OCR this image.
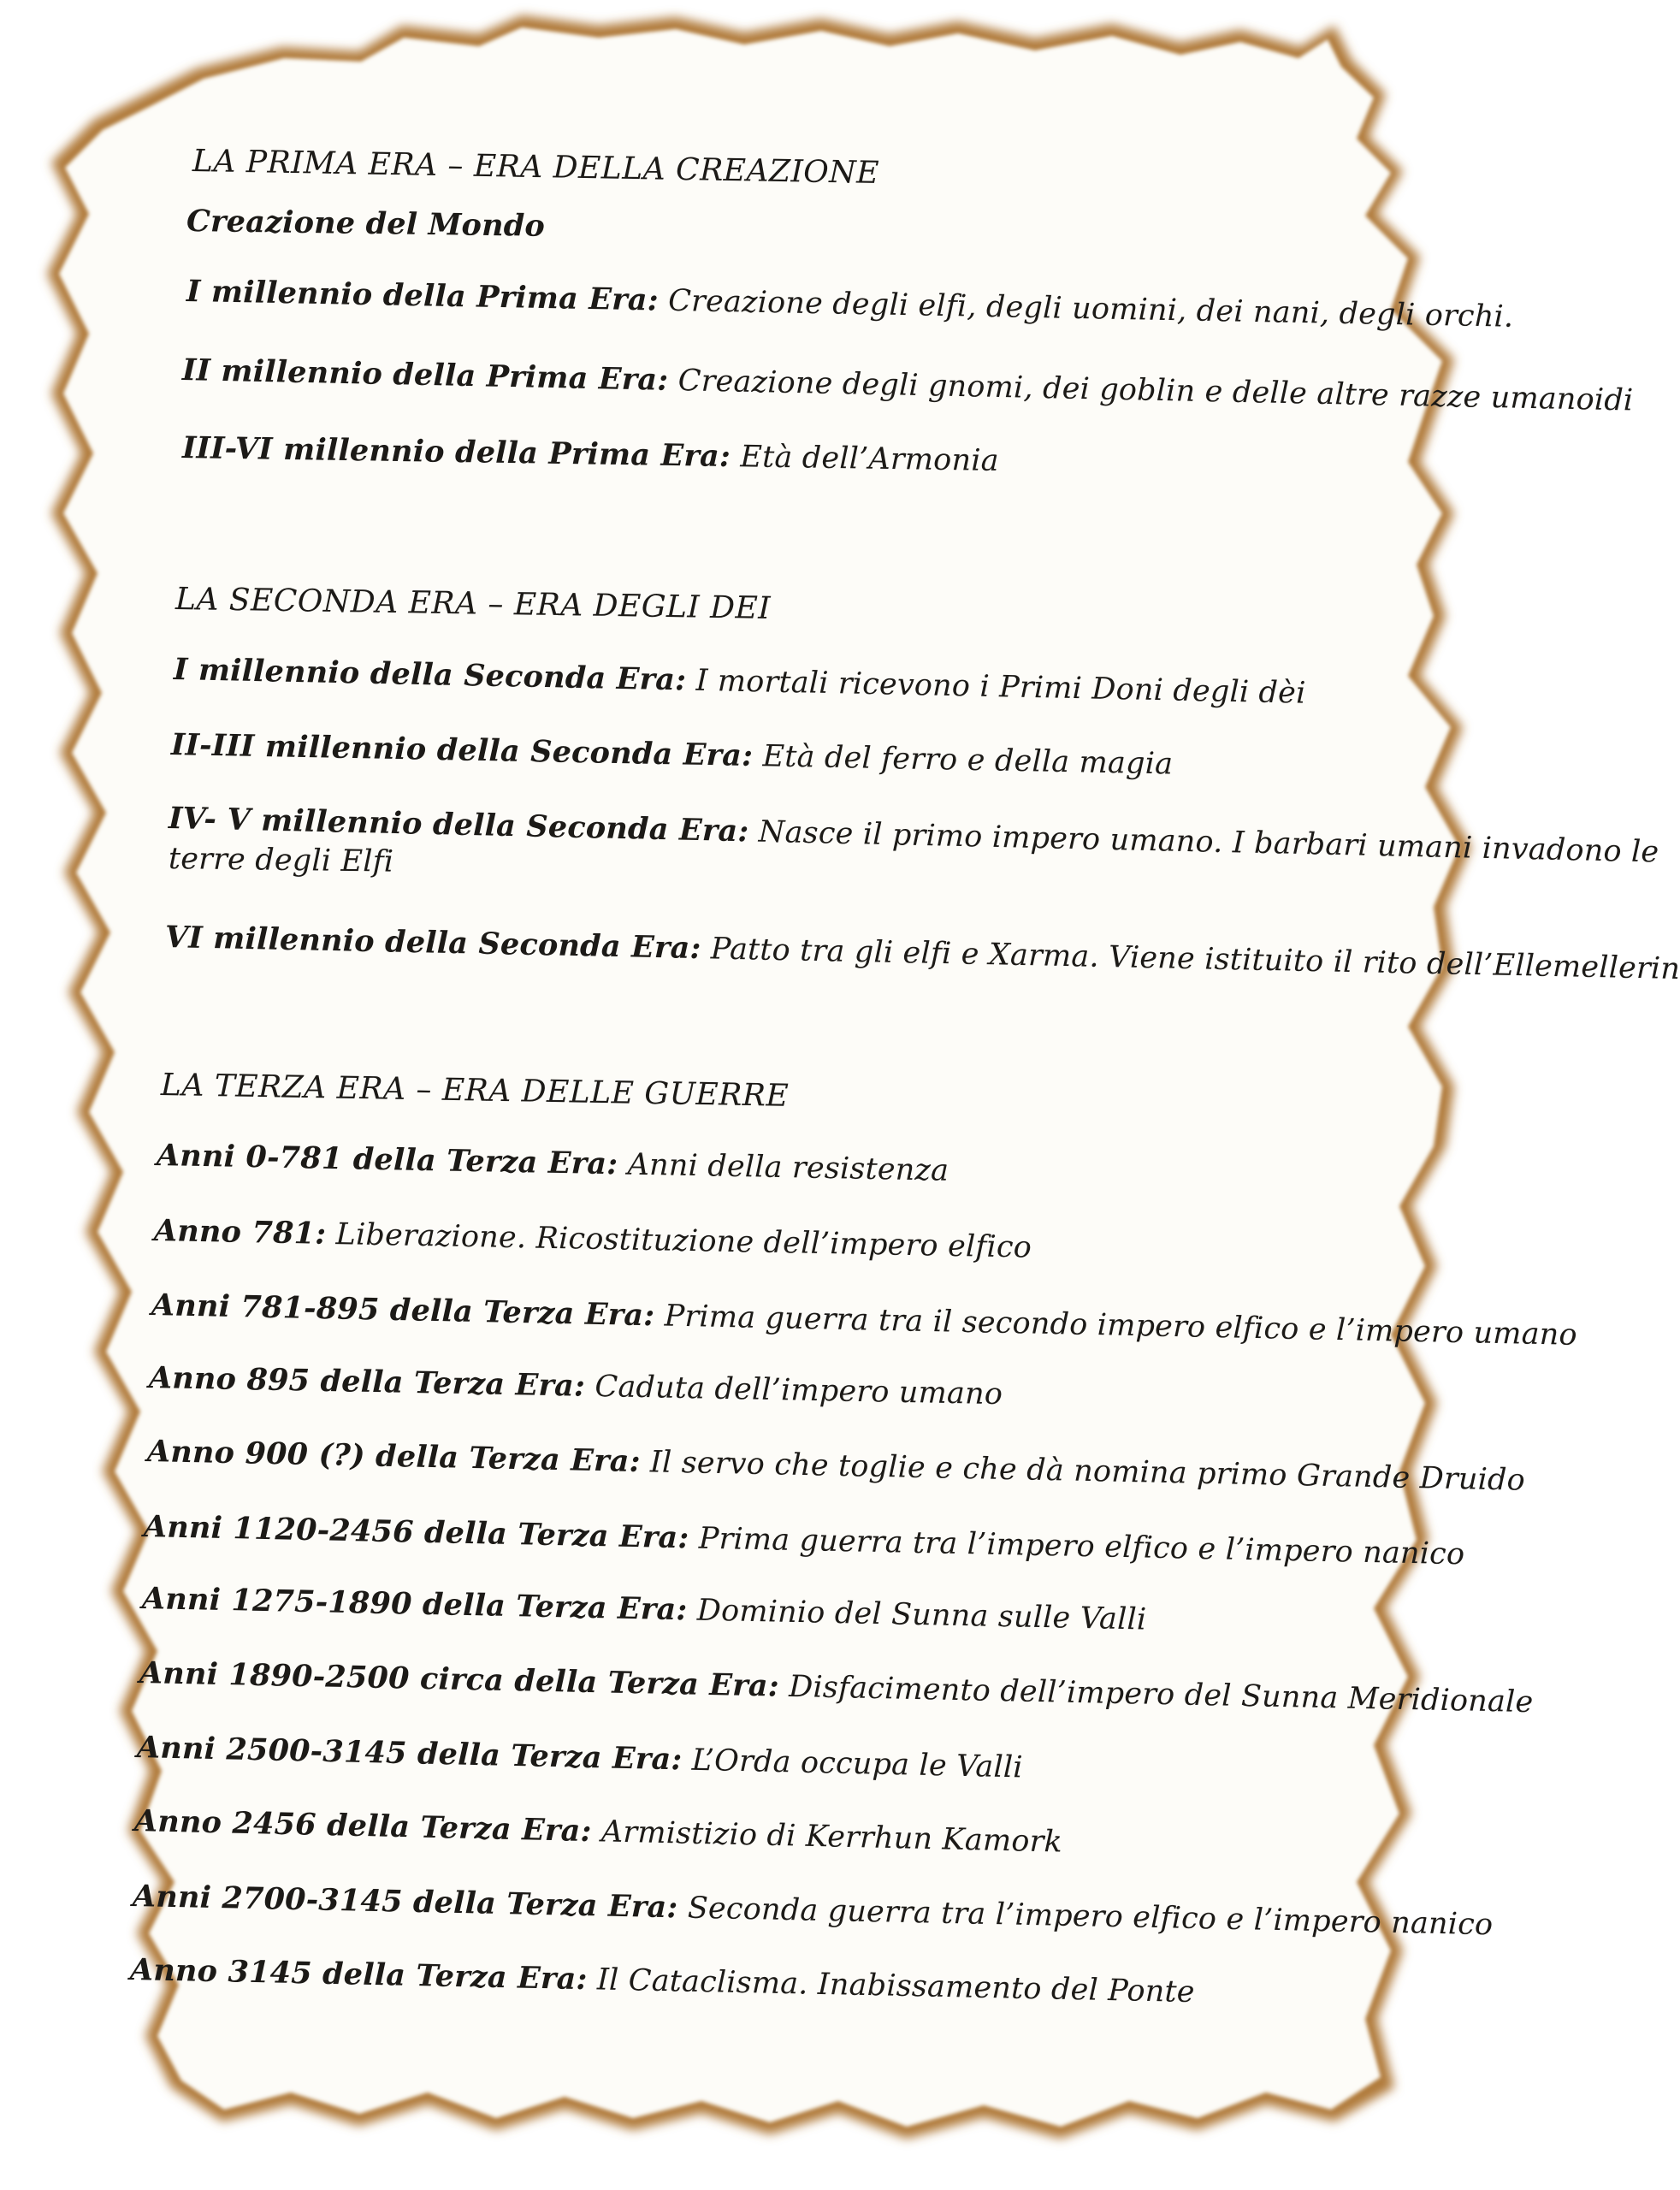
LA PRIMA ERA – ERA DELLA CREAZIONE
Creazione del Mondo
I millennio della Prima Era: Creazione degli elfi, degli uomini, dei nani, degli orchi.
II millennio della Prima Era: Creazione degli gnomi, dei goblin e delle altre razze umanoidi
III-VI millennio della Prima Era: Età dell’Armonia
LA SECONDA ERA – ERA DEGLI DEI
I millennio della Seconda Era: I mortali ricevono i Primi Doni degli dèi
II-III millennio della Seconda Era: Età del ferro e della magia
IV- V millennio della Seconda Era: Nasce il primo impero umano. I barbari umani invadono le
terre degli Elfi
VI millennio della Seconda Era: Patto tra gli elfi e Xarma. Viene istituito il rito dell’Ellemellerin
LA TERZA ERA – ERA DELLE GUERRE
Anni 0-781 della Terza Era: Anni della resistenza
Anno 781: Liberazione. Ricostituzione dell’impero elfico
Anni 781-895 della Terza Era: Prima guerra tra il secondo impero elfico e l’impero umano
Anno 895 della Terza Era: Caduta dell’impero umano
Anno 900 (?) della Terza Era: Il servo che toglie e che dà nomina primo Grande Druido
Anni 1120-2456 della Terza Era: Prima guerra tra l’impero elfico e l’impero nanico
Anni 1275-1890 della Terza Era: Dominio del Sunna sulle Valli
Anni 1890-2500 circa della Terza Era: Disfacimento dell’impero del Sunna Meridionale
Anni 2500-3145 della Terza Era: L’Orda occupa le Valli
Anno 2456 della Terza Era: Armistizio di Kerrhun Kamork
Anni 2700-3145 della Terza Era: Seconda guerra tra l’impero elfico e l’impero nanico
Anno 3145 della Terza Era: Il Cataclisma. Inabissamento del Ponte
